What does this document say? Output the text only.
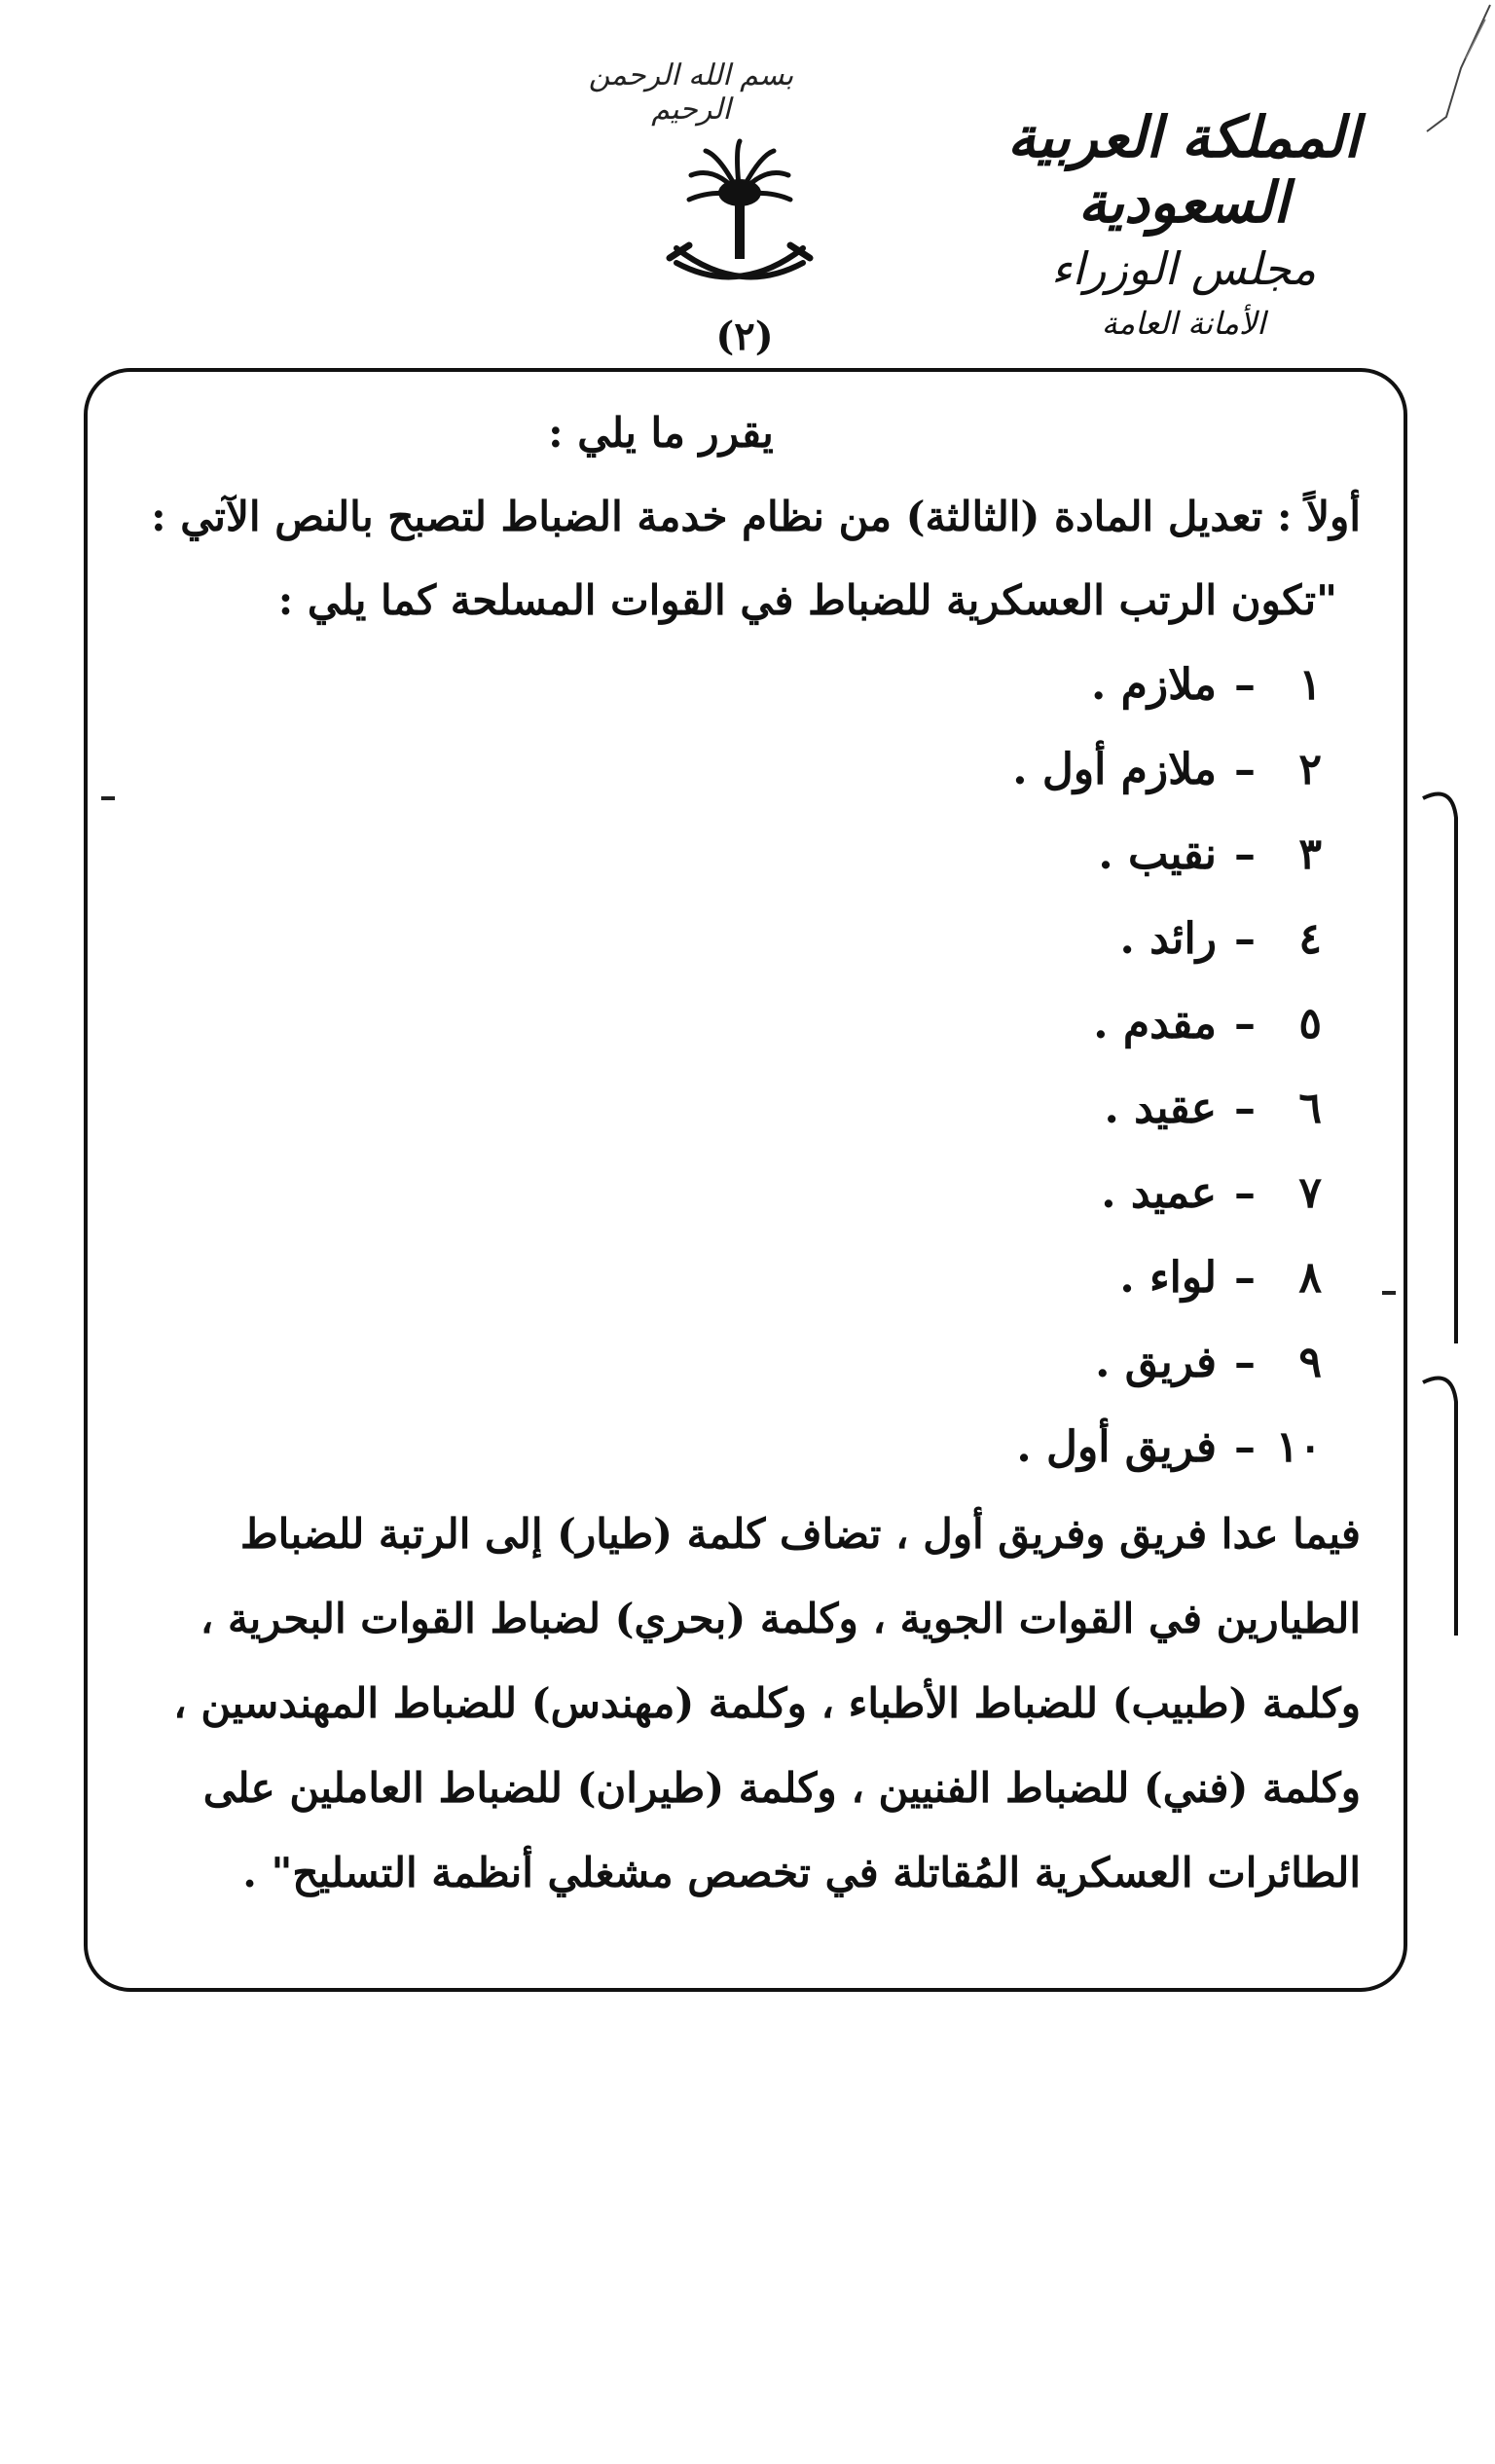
بسم الله الرحمن الرحيم
(٢)
المملكة العربية السعودية
مجلس الوزراء
الأمانة العامة
يقرر ما يلي :
أولاً : تعديل المادة (الثالثة) من نظام خدمة الضباط لتصبح بالنص الآتي :
"تكون الرتب العسكرية للضباط في القوات المسلحة كما يلي :
١–ملازم .
٢–ملازم أول .
٣–نقيب .
٤–رائد .
٥–مقدم .
٦–عقيد .
٧–عميد .
٨–لواء .
٩–فريق .
١٠–فريق أول .
فيما عدا فريق وفريق أول ، تضاف كلمة (طيار) إلى الرتبة للضباط
الطيارين في القوات الجوية ، وكلمة (بحري) لضباط القوات البحرية ،
وكلمة (طبيب) للضباط الأطباء ، وكلمة (مهندس) للضباط المهندسين ،
وكلمة (فني) للضباط الفنيين ، وكلمة (طيران) للضباط العاملين على
الطائرات العسكرية المُقاتلة في تخصص مشغلي أنظمة التسليح" .
